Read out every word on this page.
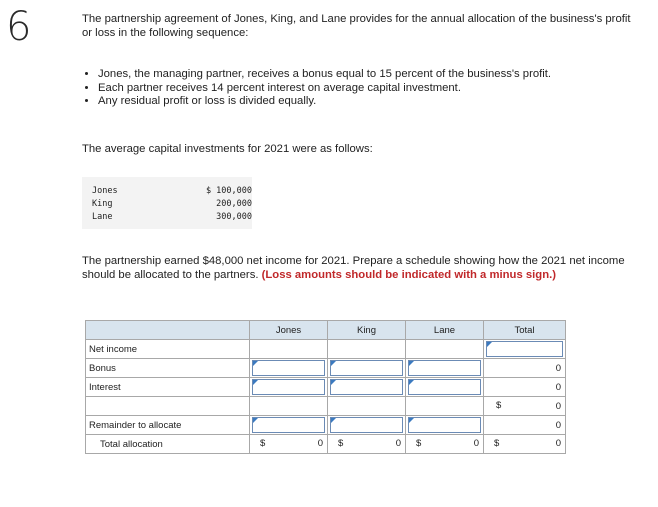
6	The partnership agreement of Jones, King, and Lane provides for the annual allocation of the business's profit or loss in the following sequence:
• Jones, the managing partner, receives a bonus equal to 15 percent of the business's profit.
• Each partner receives 14 percent interest on average capital investment.
• Any residual profit or loss is divided equally.
The average capital investments for 2021 were as follows:
Jones	$ 100,000
King	200,000
Lane	300,000
The partnership earned $48,000 net income for 2021. Prepare a schedule showing how the 2021 net income should be allocated to the partners. (Loss amounts should be indicated with a minus sign.)
	Jones	King	Lane	Total
Net income				

Bonus				0
Interest				0

				$ 0
Remainder to allocate				0
Total allocation	$ 0	$ 0	$ 0	$ 0
